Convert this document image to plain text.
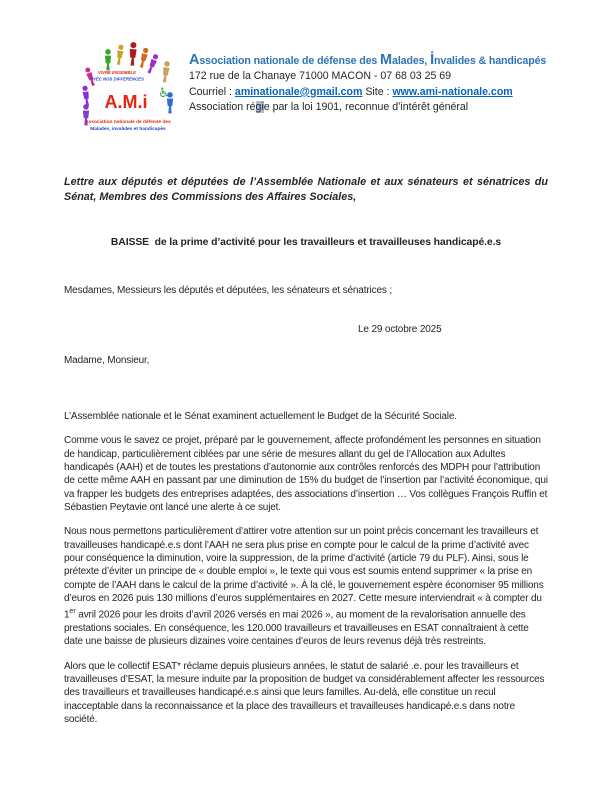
♿
VIVRE ENSEMBLE
AVEC NOS DIFFERENCES
A.M.i
Association nationale de défense des
Malades, invalides et handicapés
Association nationale de défense des Malades, İnvalides & handicapés
172 rue de la Chanaye 71000 MACON - 07 68 03 25 69
Courriel : aminationale@gmail.com Site : www.ami-nationale.com
Association régie par la loi 1901, reconnue d’intérêt général

Lettre aux députés et députées de l’Assemblée Nationale et aux sénateurs et sénatrices du Sénat, Membres des Commissions des Affaires Sociales,

BAISSE  de la prime d’activité pour les travailleurs et travailleuses handicapé.e.s

Mesdames, Messieurs les députés et députées, les sénateurs et sénatrices ;

Le 29 octobre 2025

Madame, Monsieur,

L’Assemblée nationale et le Sénat examinent actuellement le Budget de la Sécurité Sociale.

Comme vous le savez ce projet, préparé par le gouvernement, affecte profondément les personnes en situation de handicap, particulièrement ciblées par une série de mesures allant du gel de l’Allocation aux Adultes handicapés (AAH) et de toutes les prestations d’autonomie aux contrôles renforcés des MDPH pour l’attribution de cette même AAH en passant par une diminution de 15% du budget de l’insertion par l’activité économique, qui va frapper les budgets des entreprises adaptées, des associations d’insertion … Vos collègues François Ruffin et Sébastien Peytavie ont lancé une alerte à ce sujet.

Nous nous permettons particulièrement d’attirer votre attention sur un point précis concernant les travailleurs et travailleuses handicapé.e.s dont l’AAH ne sera plus prise en compte pour le calcul de la prime d’activité avec pour conséquence la diminution, voire la suppression, de la prime d’activité (article 79 du PLF). Ainsi, sous le prétexte d’éviter un principe de « double emploi », le texte qui vous est soumis entend supprimer « la prise en compte de l’AAH dans le calcul de la prime d’activité ». À la clé, le gouvernement espère économiser 95 millions d’euros en 2026 puis 130 millions d’euros supplémentaires en 2027. Cette mesure interviendrait « à compter du 1er avril 2026 pour les droits d’avril 2026 versés en mai 2026 », au moment de la revalorisation annuelle des prestations sociales. En conséquence, les 120.000 travailleurs et travailleuses en ESAT connaîtraient à cette date une baisse de plusieurs dizaines voire centaines d’euros de leurs revenus déjà très restreints.

Alors que le collectif ESAT* réclame depuis plusieurs années, le statut de salarié .e. pour les travailleurs et travailleuses d’ESAT, la mesure induite par la proposition de budget va considérablement affecter les ressources des travailleurs et travailleuses handicapé.e.s ainsi que leurs familles. Au-delà, elle constitue un recul inacceptable dans la reconnaissance et la place des travailleurs et travailleuses handicapé.e.s dans notre société.
